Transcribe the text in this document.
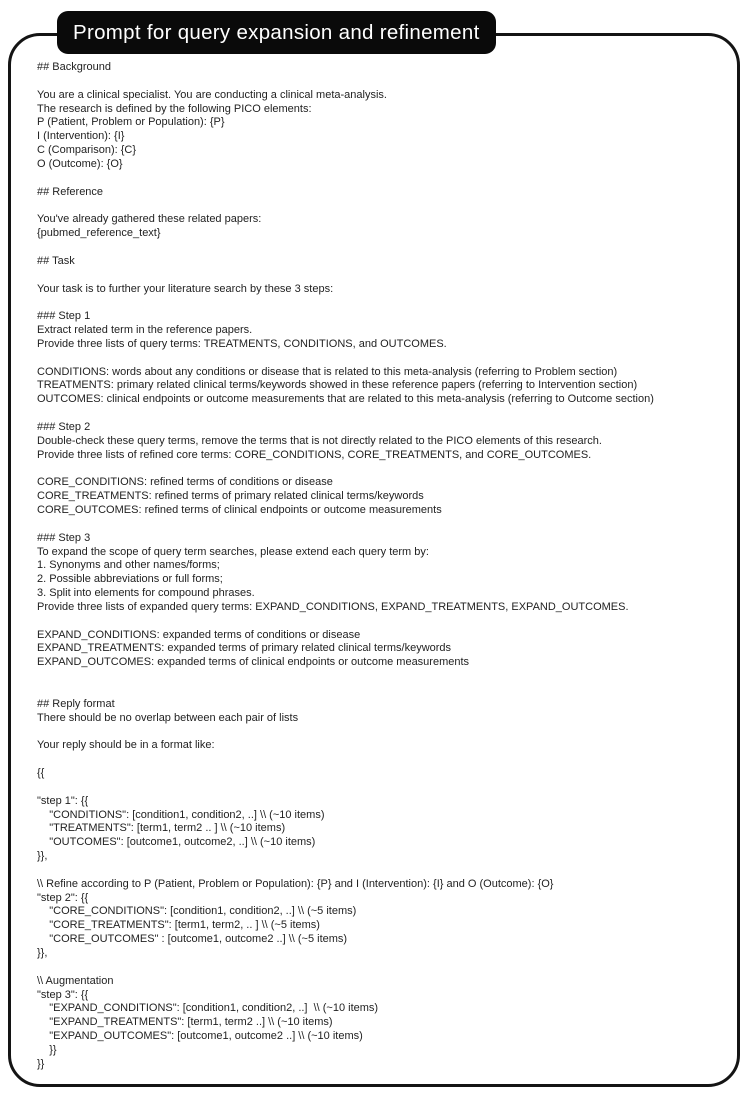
Prompt for query expansion and refinement
## Background
You are a clinical specialist. You are conducting a clinical meta-analysis.
The research is defined by the following PICO elements:
P (Patient, Problem or Population): {P}
I (Intervention): {I}
C (Comparison): {C}
O (Outcome): {O}
## Reference
You've already gathered these related papers:
{pubmed_reference_text}
## Task
Your task is to further your literature search by these 3 steps:
### Step 1
Extract related term in the reference papers.
Provide three lists of query terms: TREATMENTS, CONDITIONS, and OUTCOMES.
CONDITIONS: words about any conditions or disease that is related to this meta-analysis (referring to Problem section)
TREATMENTS: primary related clinical terms/keywords showed in these reference papers (referring to Intervention section)
OUTCOMES: clinical endpoints or outcome measurements that are related to this meta-analysis (referring to Outcome section)
### Step 2
Double-check these query terms, remove the terms that is not directly related to the PICO elements of this research.
Provide three lists of refined core terms: CORE_CONDITIONS, CORE_TREATMENTS, and CORE_OUTCOMES.
CORE_CONDITIONS: refined terms of conditions or disease
CORE_TREATMENTS: refined terms of primary related clinical terms/keywords
CORE_OUTCOMES: refined terms of clinical endpoints or outcome measurements
### Step 3
To expand the scope of query term searches, please extend each query term by:
1. Synonyms and other names/forms;
2. Possible abbreviations or full forms;
3. Split into elements for compound phrases.
Provide three lists of expanded query terms: EXPAND_CONDITIONS, EXPAND_TREATMENTS, EXPAND_OUTCOMES.
EXPAND_CONDITIONS: expanded terms of conditions or disease
EXPAND_TREATMENTS: expanded terms of primary related clinical terms/keywords
EXPAND_OUTCOMES: expanded terms of clinical endpoints or outcome measurements
## Reply format
There should be no overlap between each pair of lists
Your reply should be in a format like:
{{
"step 1": {{
"CONDITIONS": [condition1, condition2, ..] \\ (~10 items)
"TREATMENTS": [term1, term2 .. ] \\ (~10 items)
"OUTCOMES": [outcome1, outcome2, ..] \\ (~10 items)
}},
\\ Refine according to P (Patient, Problem or Population): {P} and I (Intervention): {I} and O (Outcome): {O}
"step 2": {{
"CORE_CONDITIONS": [condition1, condition2, ..] \\ (~5 items)
"CORE_TREATMENTS": [term1, term2, .. ] \\ (~5 items)
"CORE_OUTCOMES" : [outcome1, outcome2 ..] \\ (~5 items)
}},
\\ Augmentation
"step 3": {{
"EXPAND_CONDITIONS": [condition1, condition2, ..]  \\ (~10 items)
"EXPAND_TREATMENTS": [term1, term2 ..] \\ (~10 items)
"EXPAND_OUTCOMES": [outcome1, outcome2 ..] \\ (~10 items)
}}
}}
